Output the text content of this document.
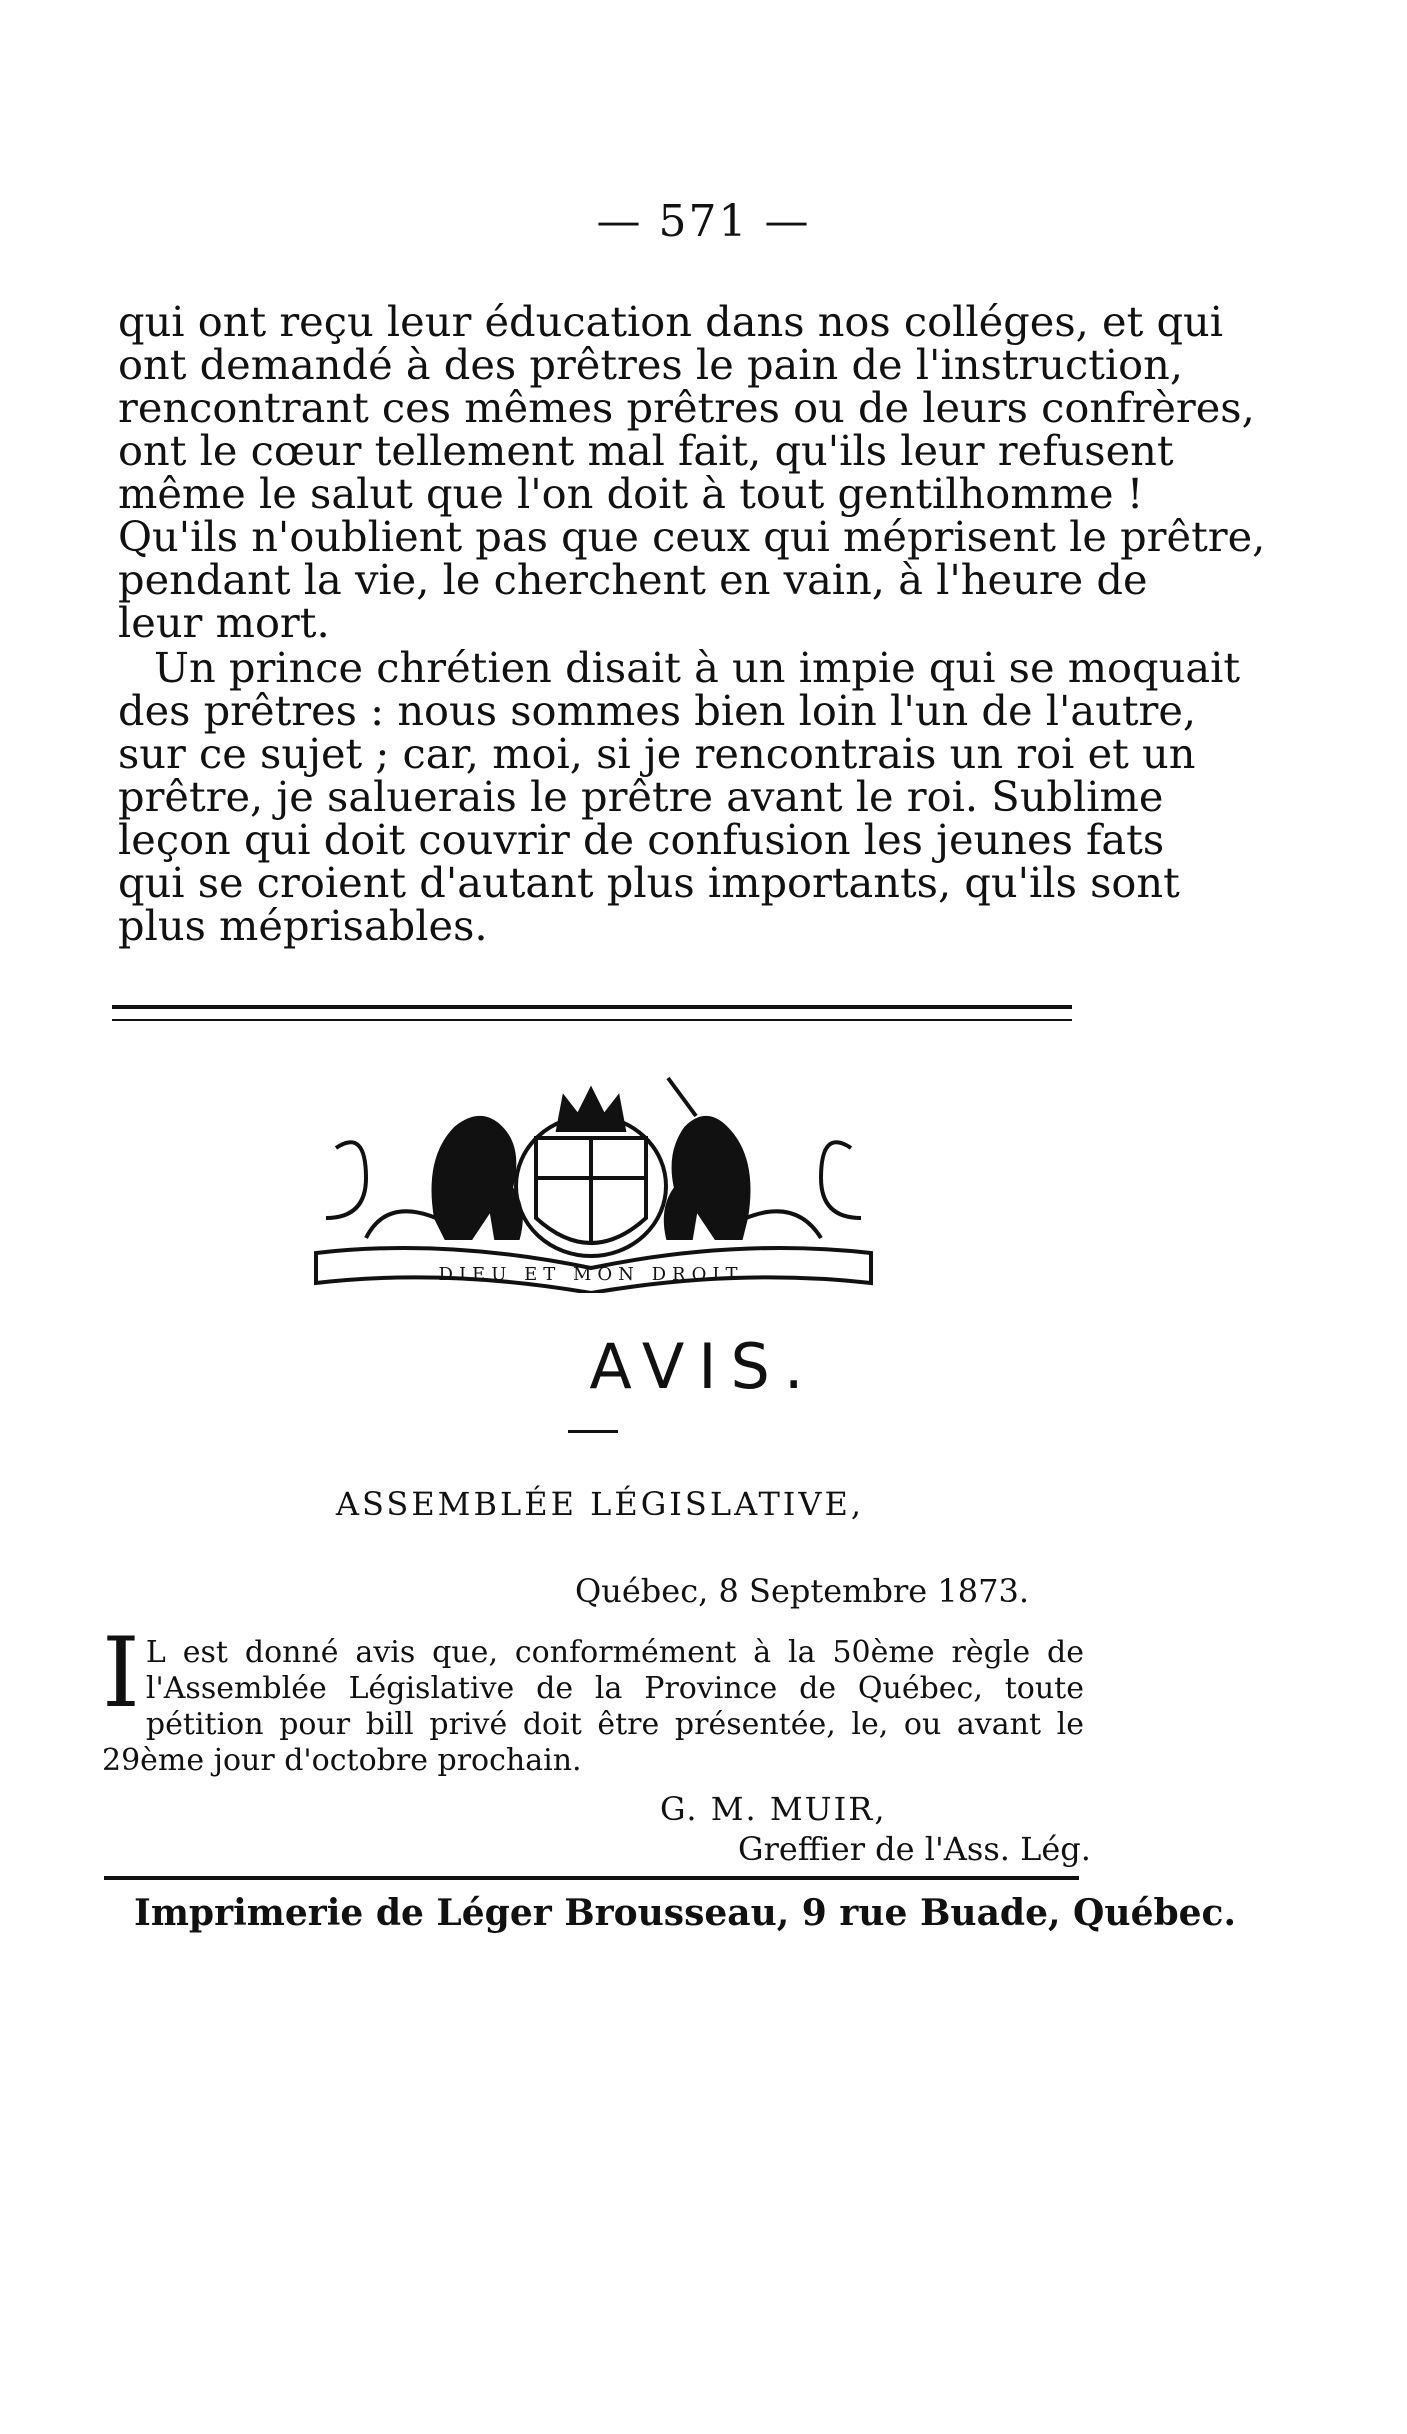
— 571 —
qui ont reçu leur éducation dans nos colléges, et qui
ont demandé à des prêtres le pain de l'instruction,
rencontrant ces mêmes prêtres ou de leurs confrères,
ont le cœur tellement mal fait, qu'ils leur refusent
même le salut que l'on doit à tout gentilhomme !
Qu'ils n'oublient pas que ceux qui méprisent le prêtre,
pendant la vie, le cherchent en vain, à l'heure de
leur mort.
Un prince chrétien disait à un impie qui se moquait
des prêtres : nous sommes bien loin l'un de l'autre,
sur ce sujet ; car, moi, si je rencontrais un roi et un
prêtre, je saluerais le prêtre avant le roi. Sublime
leçon qui doit couvrir de confusion les jeunes fats
qui se croient d'autant plus importants, qu'ils sont
plus méprisables.
DIEU ET MON DROIT
AVIS.
ASSEMBLÉE LÉGISLATIVE,
Québec, 8 Septembre 1873.
I L est donné avis que, conformément à la 50ème règle de
l'Assemblée Législative de la Province de Québec, toute
pétition pour bill privé doit être présentée, le, ou avant le
29ème jour d'octobre prochain.
G. M. MUIR,
Greffier de l'Ass. Lég.
Imprimerie de Léger Brousseau, 9 rue Buade, Québec.
